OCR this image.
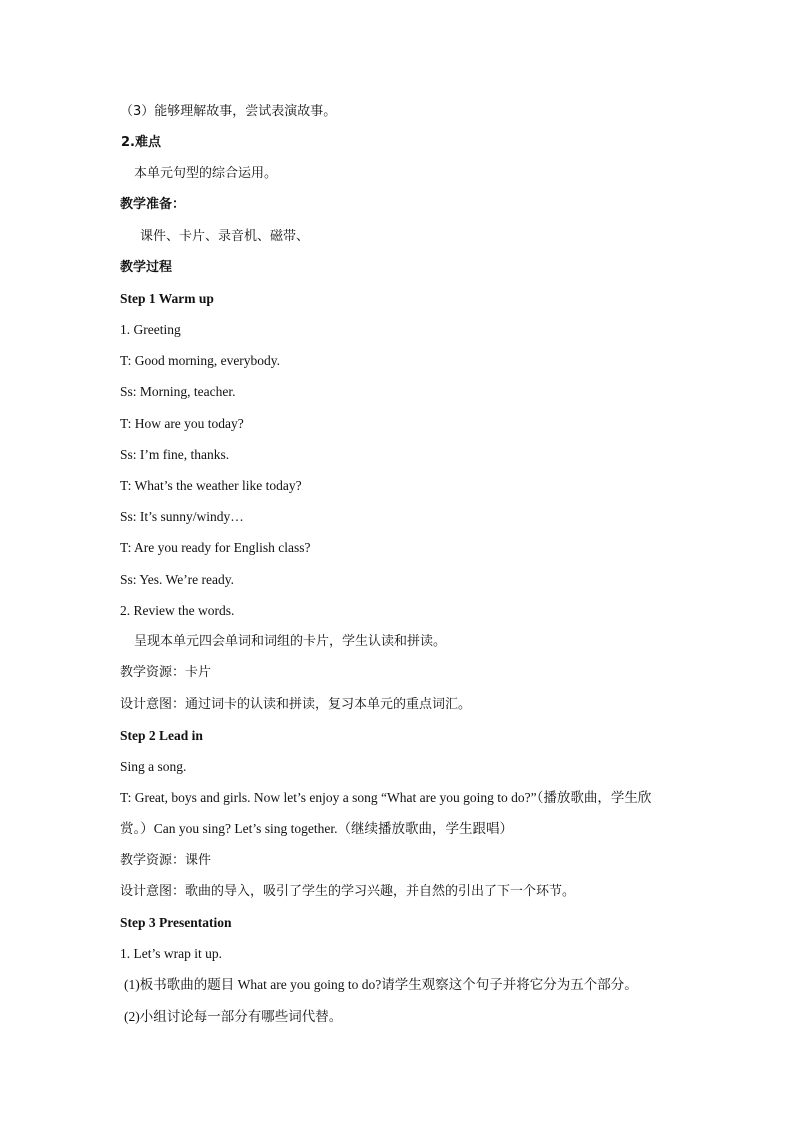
（3）能够理解故事，尝试表演故事。
2.难点
本单元句型的综合运用。
教学准备：
课件、卡片、录音机、磁带、
教学过程
Step 1 Warm up
1. Greeting
T: Good morning, everybody.
Ss: Morning, teacher.
T: How are you today?
Ss: I’m fine, thanks.
T: What’s the weather like today?
Ss: It’s sunny/windy…
T: Are you ready for English class?
Ss: Yes. We’re ready.
2. Review the words.
呈现本单元四会单词和词组的卡片，学生认读和拼读。
教学资源：卡片
设计意图：通过词卡的认读和拼读，复习本单元的重点词汇。
Step 2 Lead in
Sing a song.
T: Great, boys and girls. Now let’s enjoy a song “What are you going to do?”（播放歌曲，学生欣
赏。）Can you sing? Let’s sing together.（继续播放歌曲，学生跟唱）
教学资源：课件
设计意图：歌曲的导入，吸引了学生的学习兴趣，并自然的引出了下一个环节。
Step 3 Presentation
1. Let’s wrap it up.
(1)板书歌曲的题目 What are you going to do?请学生观察这个句子并将它分为五个部分。
(2)小组讨论每一部分有哪些词代替。
